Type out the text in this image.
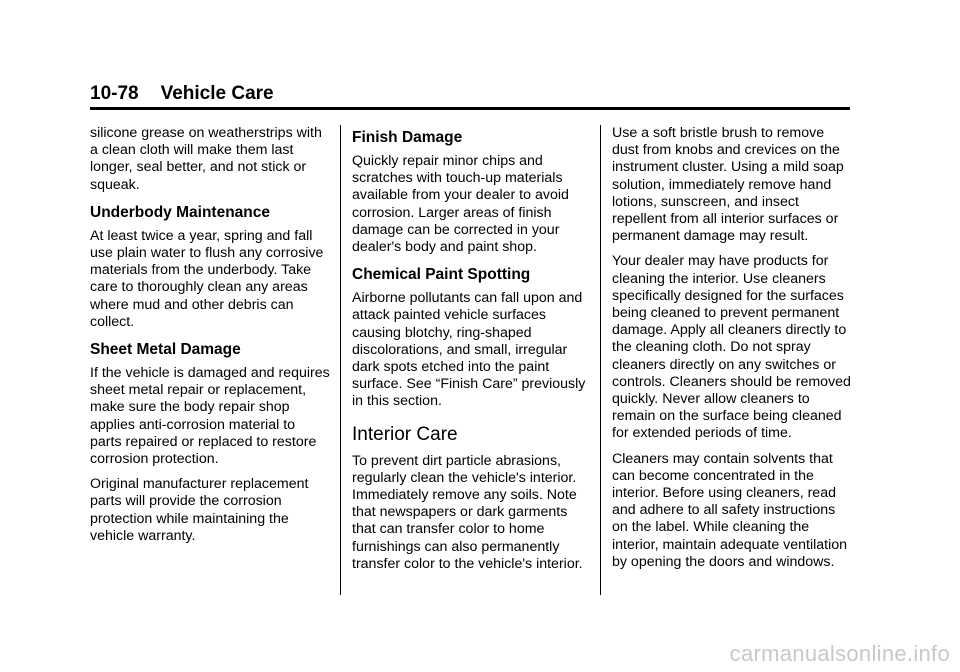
10-78 Vehicle Care

silicone grease on weatherstrips with a clean cloth will make them last longer, seal better, and not stick or squeak.

Underbody Maintenance

At least twice a year, spring and fall use plain water to flush any corrosive materials from the underbody. Take care to thoroughly clean any areas where mud and other debris can collect.

Sheet Metal Damage

If the vehicle is damaged and requires sheet metal repair or replacement, make sure the body repair shop applies anti-corrosion material to parts repaired or replaced to restore corrosion protection.

Original manufacturer replacement parts will provide the corrosion protection while maintaining the vehicle warranty.

Finish Damage

Quickly repair minor chips and scratches with touch-up materials available from your dealer to avoid corrosion. Larger areas of finish damage can be corrected in your dealer's body and paint shop.

Chemical Paint Spotting

Airborne pollutants can fall upon and attack painted vehicle surfaces causing blotchy, ring-shaped discolorations, and small, irregular dark spots etched into the paint surface. See “Finish Care” previously in this section.

Interior Care

To prevent dirt particle abrasions, regularly clean the vehicle's interior. Immediately remove any soils. Note that newspapers or dark garments that can transfer color to home furnishings can also permanently transfer color to the vehicle's interior.

Use a soft bristle brush to remove dust from knobs and crevices on the instrument cluster. Using a mild soap solution, immediately remove hand lotions, sunscreen, and insect repellent from all interior surfaces or permanent damage may result.

Your dealer may have products for cleaning the interior. Use cleaners specifically designed for the surfaces being cleaned to prevent permanent damage. Apply all cleaners directly to the cleaning cloth. Do not spray cleaners directly on any switches or controls. Cleaners should be removed quickly. Never allow cleaners to remain on the surface being cleaned for extended periods of time.

Cleaners may contain solvents that can become concentrated in the interior. Before using cleaners, read and adhere to all safety instructions on the label. While cleaning the interior, maintain adequate ventilation by opening the doors and windows.

carmanualsonline.info
